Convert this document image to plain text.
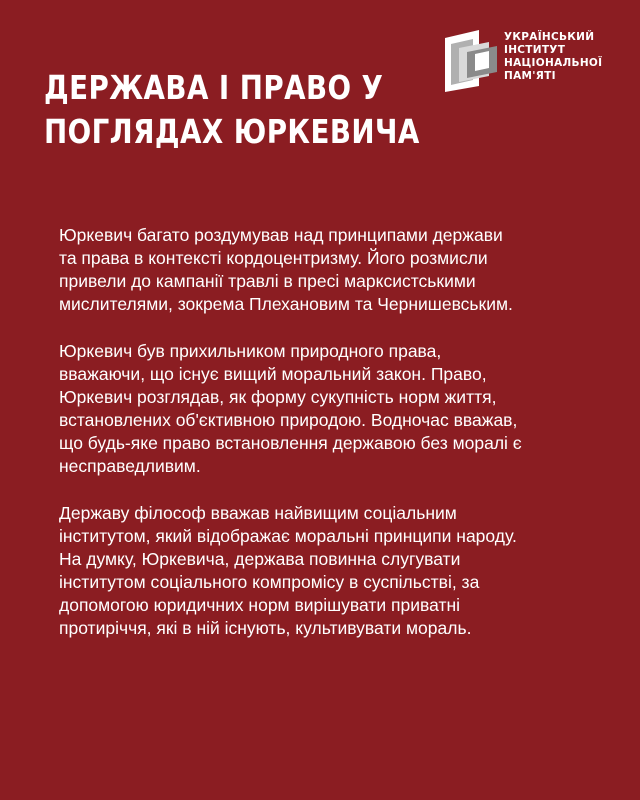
ДЕРЖАВА І ПРАВО У
ПОГЛЯДАХ ЮРКЕВИЧА
УКРАЇНСЬКИЙ
ІНСТИТУТ
НАЦІОНАЛЬНОЇ
ПАМ'ЯТІ

Юркевич багато роздумував над принципами держави
та права в контексті кордоцентризму. Його розмисли
привели до кампанії травлі в пресі марксистськими
мислителями, зокрема Плехановим та Чернишевським.

Юркевич був прихильником природного права,
вважаючи, що існує вищий моральний закон. Право,
Юркевич розглядав, як форму сукупність норм життя,
встановлених об'єктивною природою. Водночас вважав,
що будь-яке право встановлення державою без моралі є
несправедливим.

Державу філософ вважав найвищим соціальним
інститутом, який відображає моральні принципи народу.
На думку, Юркевича, держава повинна слугувати
інститутом соціального компромісу в суспільстві, за
допомогою юридичних норм вирішувати приватні
протиріччя, які в ній існують, культивувати мораль.
